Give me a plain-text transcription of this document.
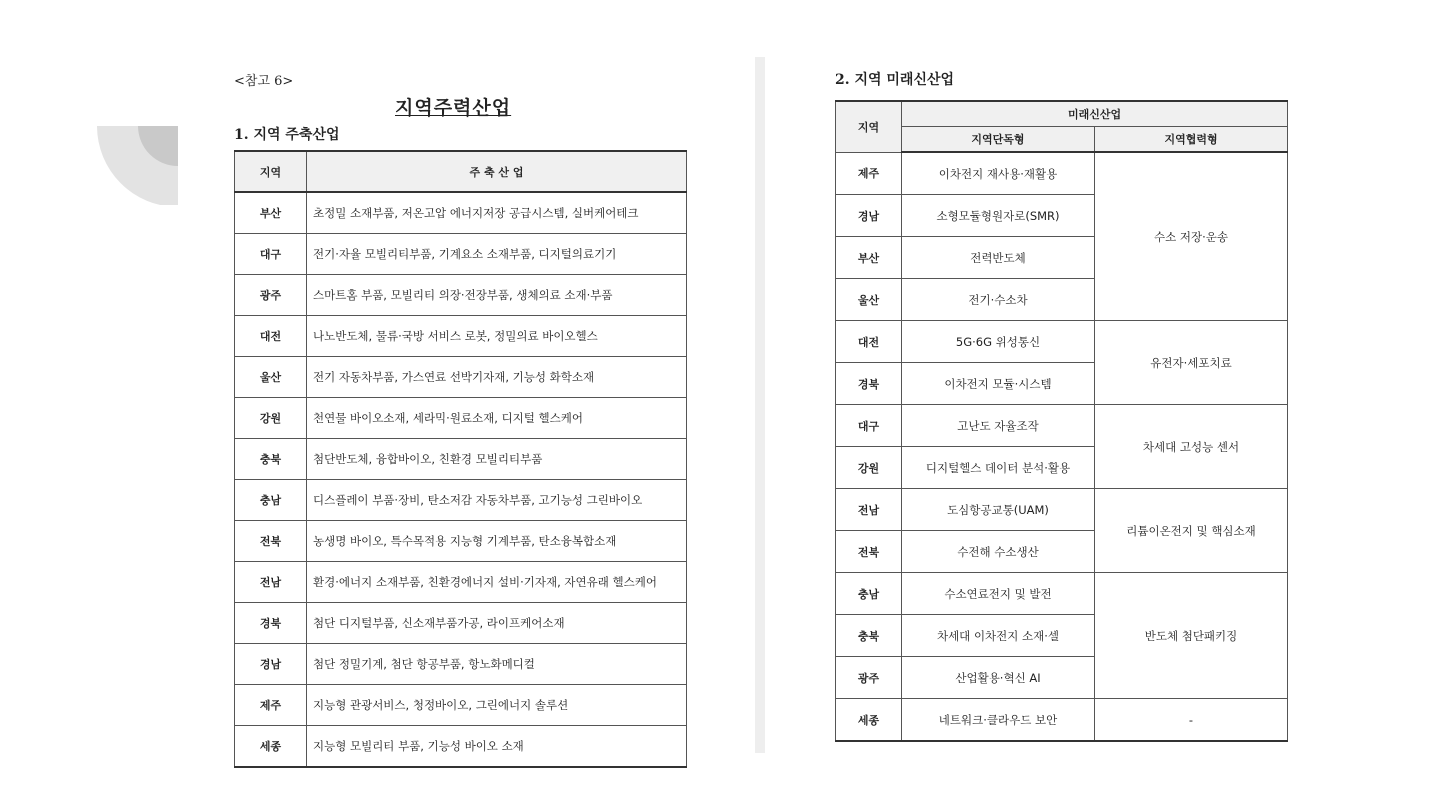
<참고 6>
지역주력산업
1. 지역 주축산업
지역	주 축 산 업
부산	초정밀 소재부품, 저온고압 에너지저장 공급시스템, 실버케어테크
대구	전기·자율 모빌리티부품, 기계요소 소재부품, 디지털의료기기
광주	스마트홈 부품, 모빌리티 의장·전장부품, 생체의료 소재·부품
대전	나노반도체, 물류·국방 서비스 로봇, 정밀의료 바이오헬스
울산	전기 자동차부품, 가스연료 선박기자재, 기능성 화학소재
강원	천연물 바이오소재, 세라믹·원료소재, 디지털 헬스케어
충북	첨단반도체, 융합바이오, 친환경 모빌리티부품
충남	디스플레이 부품·장비, 탄소저감 자동차부품, 고기능성 그린바이오
전북	농생명 바이오, 특수목적용 지능형 기계부품, 탄소융복합소재
전남	환경·에너지 소재부품, 친환경에너지 설비·기자재, 자연유래 헬스케어
경북	첨단 디지털부품, 신소재부품가공, 라이프케어소재
경남	첨단 정밀기계, 첨단 항공부품, 항노화메디컬
제주	지능형 관광서비스, 청정바이오, 그린에너지 솔루션
세종	지능형 모빌리티 부품, 기능성 바이오 소재
2. 지역 미래신산업
지역	미래신산업	
	지역단독형	지역협력형
제주	이차전지 재사용·재활용	수소 저장·운송
경남	소형모듈형원자로(SMR)	
부산	전력반도체	
울산	전기·수소차	
대전	5G·6G 위성통신	유전자·세포치료
경북	이차전지 모듈·시스템	
대구	고난도 자율조작	차세대 고성능 센서
강원	디지털헬스 데이터 분석·활용	
전남	도심항공교통(UAM)	리튬이온전지 및 핵심소재
전북	수전해 수소생산	
충남	수소연료전지 및 발전	반도체 첨단패키징
충북	차세대 이차전지 소재·셀	
광주	산업활용·혁신 AI	
세종	네트워크·클라우드 보안	-
